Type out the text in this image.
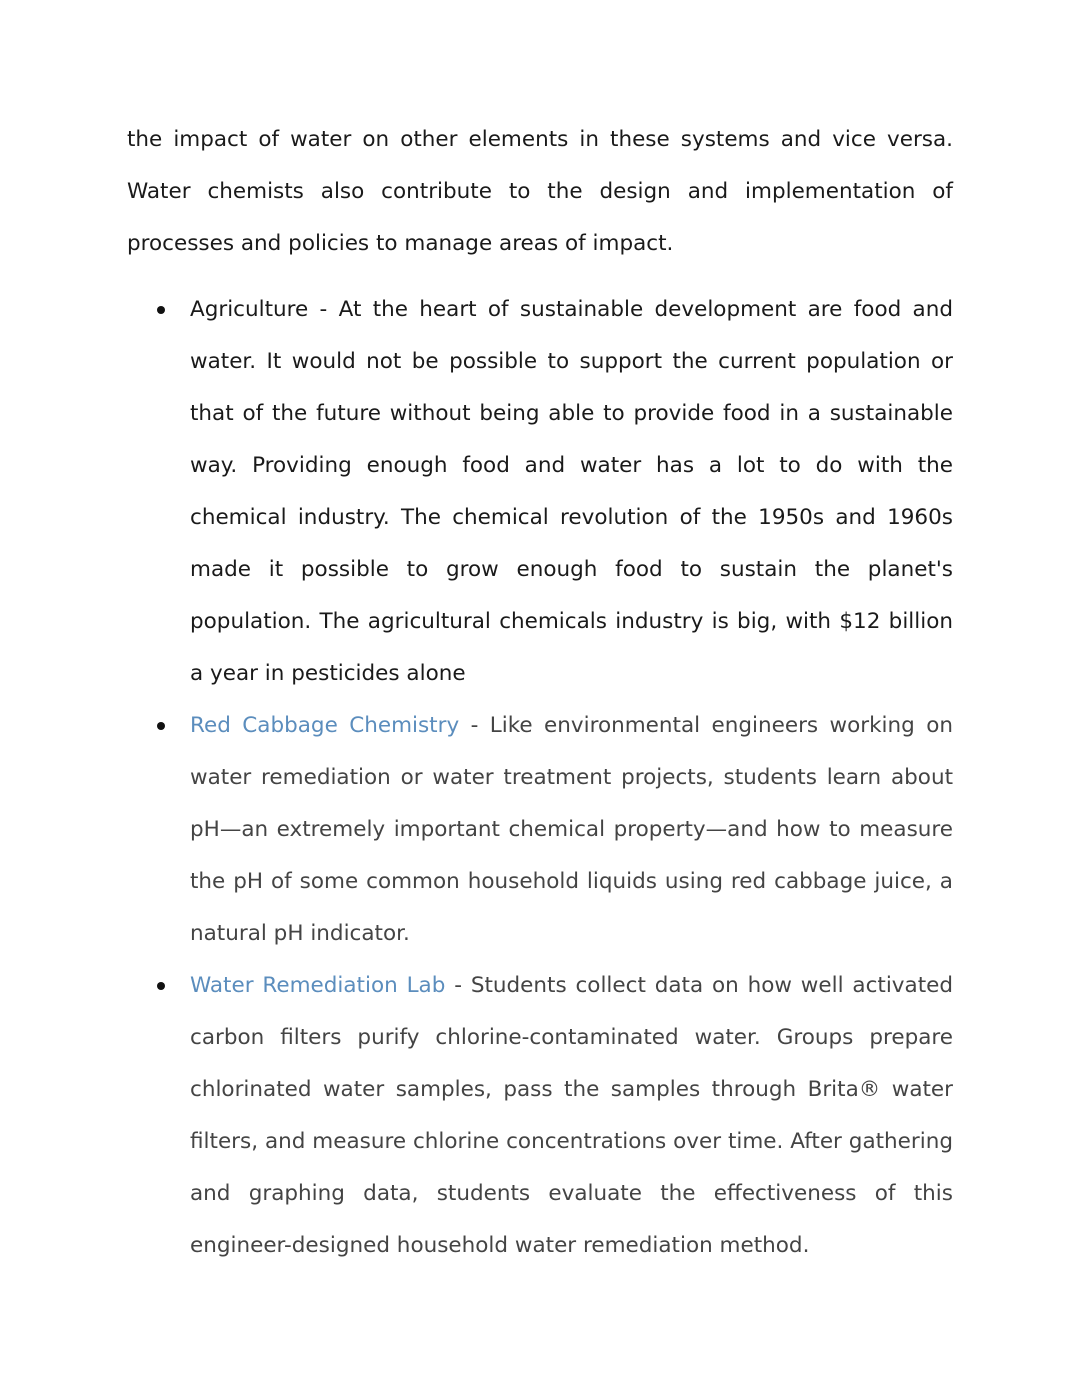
the impact of water on other elements in these systems and vice versa. Water chemists also contribute to the design and implementation of processes and policies to manage areas of impact.

Agriculture - At the heart of sustainable development are food and water. It would not be possible to support the current population or that of the future without being able to provide food in a sustainable way. Providing enough food and water has a lot to do with the chemical industry. The chemical revolution of the 1950s and 1960s made it possible to grow enough food to sustain the planet's population. The agricultural chemicals industry is big, with $12 billion a year in pesticides alone
Red Cabbage Chemistry - Like environmental engineers working on water remediation or water treatment projects, students learn about pH—an extremely important chemical property—and how to measure the pH of some common household liquids using red cabbage juice, a natural pH indicator.
Water Remediation Lab - Students collect data on how well activated carbon filters purify chlorine-contaminated water. Groups prepare chlorinated water samples, pass the samples through Brita® water filters, and measure chlorine concentrations over time. After gathering and graphing data, students evaluate the effectiveness of this engineer-designed household water remediation method.
